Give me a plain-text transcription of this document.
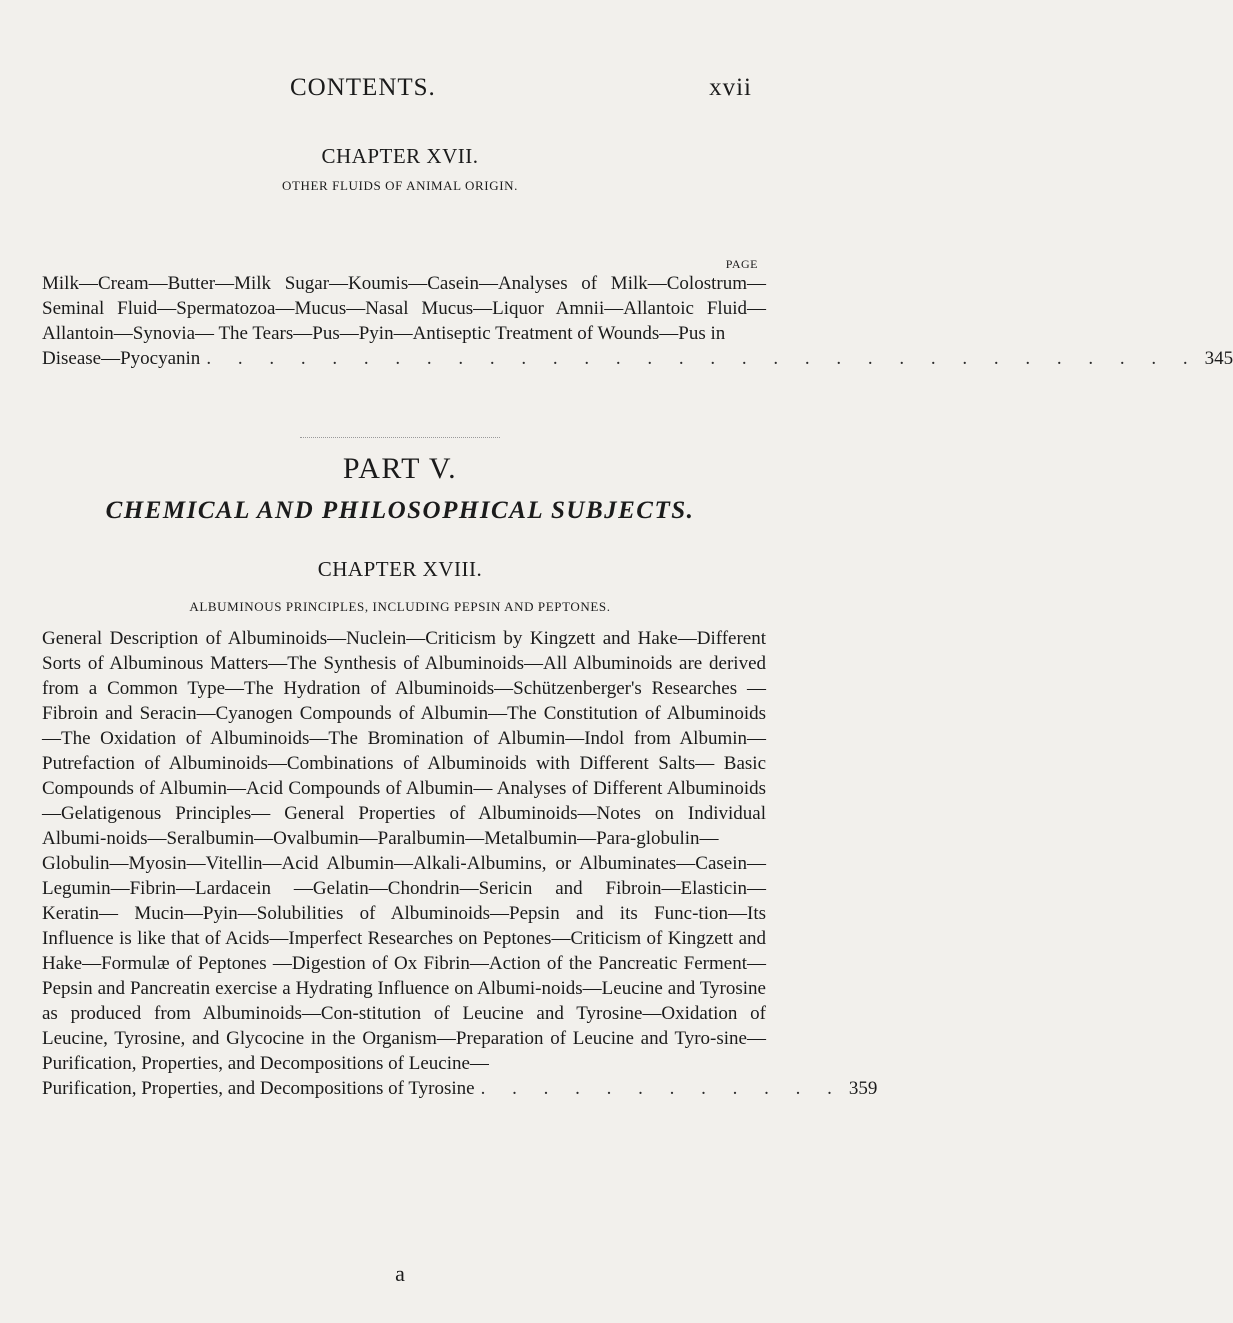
CONTENTS.	xvii
CHAPTER XVII.
OTHER FLUIDS OF ANIMAL ORIGIN.
PAGE
Milk—Cream—Butter—Milk Sugar—Koumis—Casein—Analyses of Milk—Colostrum—Seminal Fluid—Spermatozoa—Mucus—Nasal Mucus—Liquor Amnii—Allantoic Fluid—Allantoin—Synovia— The Tears—Pus—Pyin—Antiseptic Treatment of Wounds—Pus in
Disease—Pyocyanin . . . . . . . . . . . . . . . . . . . . . . . . . . . . . . . . 345
PART V.
CHEMICAL AND PHILOSOPHICAL SUBJECTS.
CHAPTER XVIII.
ALBUMINOUS PRINCIPLES, INCLUDING PEPSIN AND PEPTONES.
General Description of Albuminoids—Nuclein—Criticism by Kingzett and Hake—Different Sorts of Albuminous Matters—The Synthesis of Albuminoids—All Albuminoids are derived from a Common Type—The Hydration of Albuminoids—Schützenberger's Researches —Fibroin and Seracin—Cyanogen Compounds of Albumin—The Constitution of Albuminoids—The Oxidation of Albuminoids—The Bromination of Albumin—Indol from Albumin—Putrefaction of Albuminoids—Combinations of Albuminoids with Different Salts— Basic Compounds of Albumin—Acid Compounds of Albumin— Analyses of Different Albuminoids—Gelatigenous Principles— General Properties of Albuminoids—Notes on Individual Albumi-noids—Seralbumin—Ovalbumin—Paralbumin—Metalbumin—Para-globulin—Globulin—Myosin—Vitellin—Acid Albumin—Alkali-Albumins, or Albuminates—Casein—Legumin—Fibrin—Lardacein —Gelatin—Chondrin—Sericin and Fibroin—Elasticin—Keratin— Mucin—Pyin—Solubilities of Albuminoids—Pepsin and its Func-tion—Its Influence is like that of Acids—Imperfect Researches on Peptones—Criticism of Kingzett and Hake—Formulæ of Peptones —Digestion of Ox Fibrin—Action of the Pancreatic Ferment— Pepsin and Pancreatin exercise a Hydrating Influence on Albumi-noids—Leucine and Tyrosine as produced from Albuminoids—Con-stitution of Leucine and Tyrosine—Oxidation of Leucine, Tyrosine, and Glycocine in the Organism—Preparation of Leucine and Tyro-sine—Purification, Properties, and Decompositions of Leucine—
Purification, Properties, and Decompositions of Tyrosine . . . . . . . . . . . . 359
a
